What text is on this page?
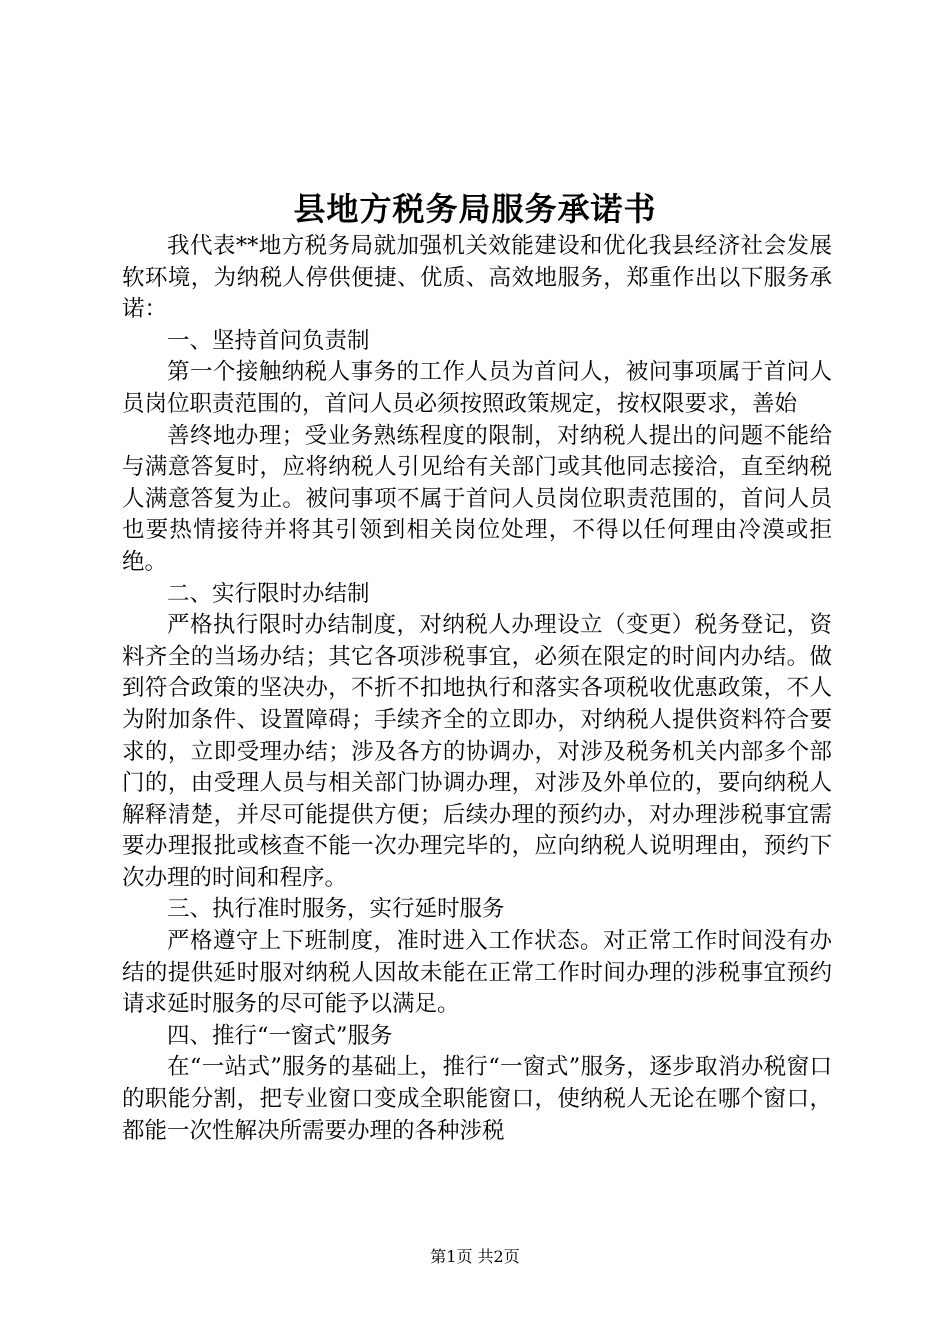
县地方税务局服务承诺书

我代表**地方税务局就加强机关效能建设和优化我县经济社会发展软环境，为纳税人停供便捷、优质、高效地服务，郑重作出以下服务承诺：

一、坚持首问负责制

第一个接触纳税人事务的工作人员为首问人，被问事项属于首问人员岗位职责范围的，首问人员必须按照政策规定，按权限要求，善始

善终地办理；受业务熟练程度的限制，对纳税人提出的问题不能给与满意答复时，应将纳税人引见给有关部门或其他同志接洽，直至纳税人满意答复为止。被问事项不属于首问人员岗位职责范围的，首问人员也要热情接待并将其引领到相关岗位处理，不得以任何理由冷漠或拒绝。

二、实行限时办结制

严格执行限时办结制度，对纳税人办理设立（变更）税务登记，资料齐全的当场办结；其它各项涉税事宜，必须在限定的时间内办结。做到符合政策的坚决办，不折不扣地执行和落实各项税收优惠政策，不人为附加条件、设置障碍；手续齐全的立即办，对纳税人提供资料符合要求的，立即受理办结；涉及各方的协调办，对涉及税务机关内部多个部门的，由受理人员与相关部门协调办理，对涉及外单位的，要向纳税人解释清楚，并尽可能提供方便；后续办理的预约办，对办理涉税事宜需要办理报批或核查不能一次办理完毕的，应向纳税人说明理由，预约下次办理的时间和程序。

三、执行准时服务，实行延时服务

严格遵守上下班制度，准时进入工作状态。对正常工作时间没有办结的提供延时服对纳税人因故未能在正常工作时间办理的涉税事宜预约请求延时服务的尽可能予以满足。

四、推行“一窗式”服务

在“一站式”服务的基础上，推行“一窗式”服务，逐步取消办税窗口的职能分割，把专业窗口变成全职能窗口，使纳税人无论在哪个窗口，都能一次性解决所需要办理的各种涉税

第1页 共2页
